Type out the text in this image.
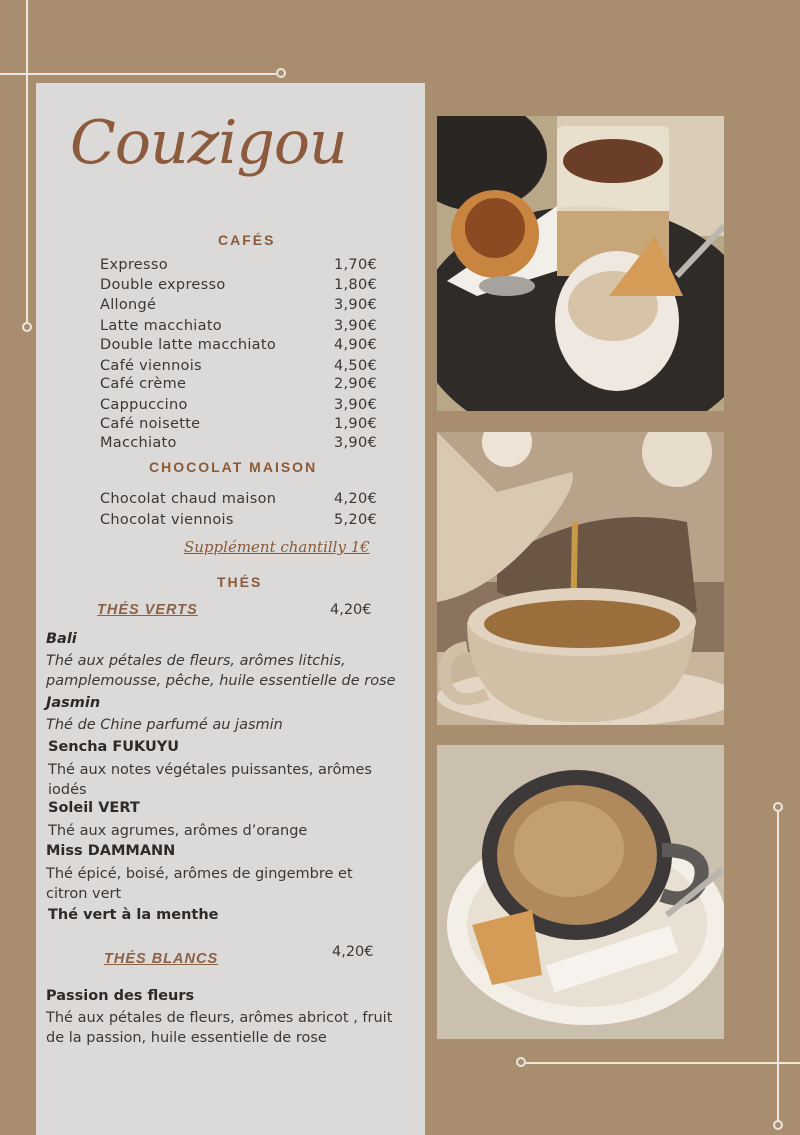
Couzigou
CAFÉS
Expresso	1,70€
Double expresso	1,80€
Allongé	3,90€
Latte macchiato	3,90€
Double latte macchiato	4,90€
Café viennois	4,50€
Café crème	2,90€
Cappuccino	3,90€
Café noisette	1,90€
Macchiato	3,90€
CHOCOLAT MAISON
Chocolat chaud maison	4,20€
Chocolat viennois	5,20€
Supplément chantilly 1€
THÉS
THÉS VERTS	4,20€
Bali
Thé aux pétales de fleurs, arômes litchis, pamplemousse, pêche, huile essentielle de rose
Jasmin
Thé de Chine parfumé au jasmin
Sencha FUKUYU
Thé aux notes végétales puissantes, arômes iodés
Soleil VERT
Thé aux agrumes, arômes d’orange
Miss DAMMANN
Thé épicé, boisé, arômes de gingembre et citron vert
Thé vert à la menthe
THÉS BLANCS	4,20€
Passion des fleurs
Thé aux pétales de fleurs, arômes abricot , fruit de la passion, huile essentielle de rose
